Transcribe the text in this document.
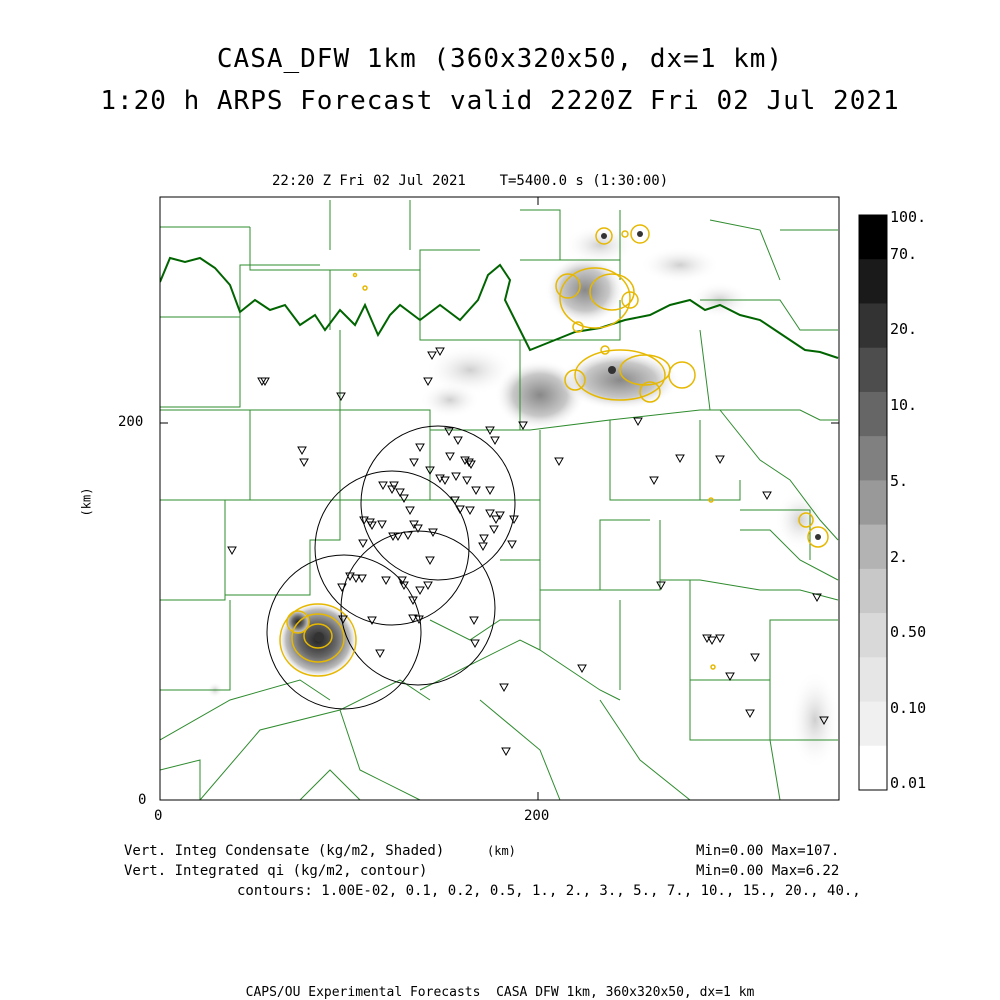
CASA_DFW 1km (360x320x50, dx=1 km)
1:20 h ARPS Forecast valid 2220Z Fri 02 Jul 2021
22:20 Z Fri 02 Jul 2021    T=5400.0 s (1:30:00)
0	200
0
200
(km)
100.
70.
20.
10.
5.
2.
0.50
0.10
0.01
Vert. Integ Condensate (kg/m2, Shaded)	(km)	Min=0.00 Max=107.
Vert. Integrated qi (kg/m2, contour)	Min=0.00 Max=6.22
contours: 1.00E-02, 0.1, 0.2, 0.5, 1., 2., 3., 5., 7., 10., 15., 20., 40.,
CAPS/OU Experimental Forecasts  CASA DFW 1km, 360x320x50, dx=1 km
